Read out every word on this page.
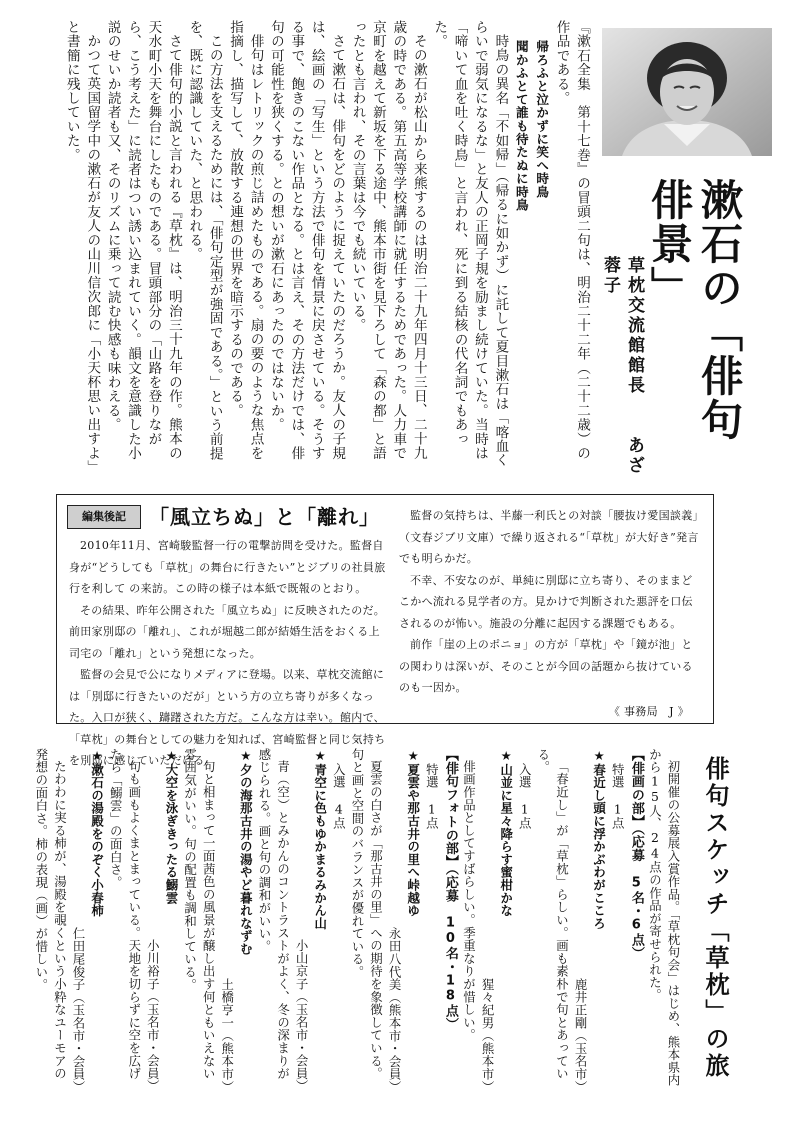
『漱石全集　第十七巻』の冒頭二句は、明治二十二年（二十二歳）の作品である。

帰ろふと泣かずに笑へ時鳥

聞かふとて誰も待たぬに時鳥

時鳥の異名「不如帰」（帰るに如かず）に託して夏目漱石は「喀血くらいで弱気になるな」と友人の正岡子規を励まし続けていた。当時は「啼いて血を吐く時鳥」と言われ、死に到る結核の代名詞でもあった。

その漱石が松山から来熊するのは明治二十九年四月十三日、二十九歳の時である。第五高等学校講師に就任するためであった。人力車で京町を越えて新坂を下る途中、熊本市街を見下ろして「森の都」と語ったとも言われ、その言葉は今でも続いている。

さて漱石は、俳句をどのように捉えていたのだろうか。友人の子規は、絵画の「写生」という方法で俳句を情景に戻させている。そうする事で、飽きのこない作品となる。とは言え、その方法だけでは、俳句の可能性を狭くする。との想いが漱石にあったのではないか。

俳句はレトリックの煎じ詰めたものである。扇の要のような焦点を指摘し、描写して、放散する連想の世界を暗示するのである。

この方法を支えるためには、「俳句定型が強固である。」という前提を、既に認識していた、と思われる。

さて俳句的小説と言われる『草枕』は、明治三十九年の作。熊本の天水町小天を舞台にしたものである。冒頭部分の「山路を登りながら、こう考えた」に読者はつい誘い込まれていく。韻文を意識した小説のせいか読者も又、そのリズムに乗って読む快感も味わえる。

かつて英国留学中の漱石が友人の山川信次郎に「小天杯思い出すよ」と書簡に残していた。

漱石の「俳句俳景」
草枕交流館館長 あざ蓉子
編集後記	「風立ちぬ」と「離れ」

2010年11月、宮崎駿監督一行の電撃訪問を受けた。監督自身が“どうしても「草枕」の舞台に行きたい”とジブリの社員旅行を利して の来訪。この時の様子は本紙で既報のとおり。

その結果、昨年公開された「風立ちぬ」に反映されたのだ。前田家別邸の「離れ」、これが堀越二郎が結婚生活をおくる上司宅の「離れ」という発想になった。

監督の会見で公になりメディアに登場。以来、草枕交流館には「別邸に行きたいのだが」という方の立ち寄りが多くなった。入口が狭く、躊躇された方だ。こんな方は幸い。館内で、「草枕」の舞台としての魅力を知れば、宮崎監督と同じ気持ちを別邸に感じていただける。

監督の気持ちは、半藤一利氏との対談「腰抜け愛国談義」（文春ジブリ文庫）で繰り返される“「草枕」が大好き”発言でも明らかだ。

不幸、不安なのが、単純に別邸に立ち寄り、そのままどこかへ流れる見学者の方。見かけで判断された悪評を口伝されるのが怖い。施設の分離に起因する課題でもある。

前作「崖の上のポニョ」の方が「草枕」や「鏡が池」との関わりは深いが、そのことが今回の話題から抜けているのも一因か。

《 事務局　J 》
俳句スケッチ「草枕」の旅

初開催の公募展入賞作品。「草枕句会」はじめ、熊本県内から15人、24点の作品が寄せられた。

【俳画の部】（応募　5名・6点）

特選　1点

★春近し頭に浮かぶわがこころ

鹿井正剛（玉名市）

「春近し」が「草枕」らしい。画も素朴で句とあっている。

入選　1点

★山並に星々降らす蜜柑かな

猩々紀男（熊本市）

俳画作品としてすばらしい。季重なりが惜しい。

【俳句フォトの部】（応募　10名・18点）

特選　1点

★夏雲や那古井の里へ峠越ゆ

永田八代美（熊本市・会員）

夏雲の白さが「那古井の里」への期待を象徴している。句と画と空間のバランスが優れている。

入選　4点

★青空に色もゆかまるみかん山

小山京子（玉名市・会員）

青（空）とみかんのコントラストがよく、冬の深まりが感じられる。画と句の調和がいい。

★夕の海那古井の湯やど暮れなずむ

土橋亨一（熊本市）

句と相まって一面茜色の風景が醸し出す何ともいえない雰囲気がいい。句の配置も調和している。

★大空を泳ぎきったる鰯雲

小川裕子（玉名市・会員）

句も画もよくまとまっている。天地を切らずに空を広げたら「鰯雲」の面白さ。

★漱石の湯殿をのぞく小春柿

仁田尾俊子（玉名市・会員）

たわわに実る柿が、湯殿を覗くという小粋なユーモアの発想の面白さ。柿の表現（画）が惜しい。
